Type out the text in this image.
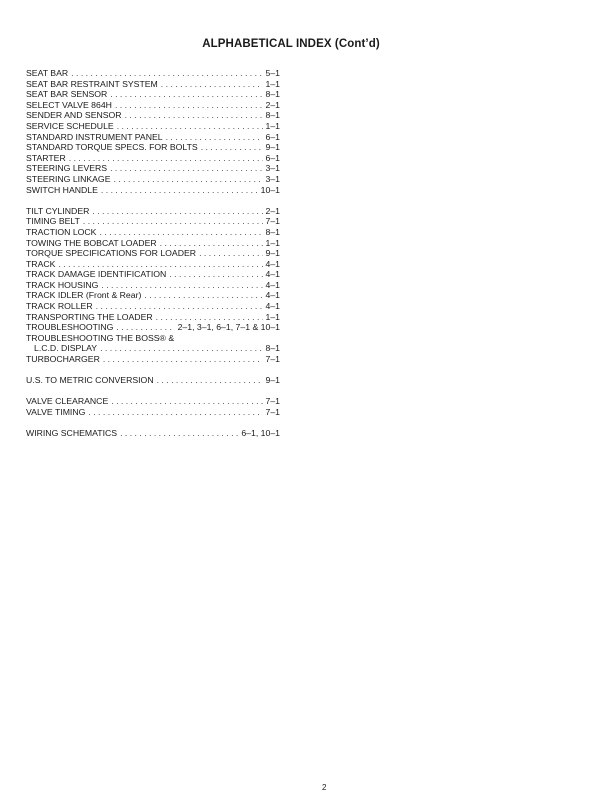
ALPHABETICAL INDEX (Cont’d)
SEAT BAR . . .	5–1
SEAT BAR RESTRAINT SYSTEM . . .	1–1
SEAT BAR SENSOR . . .	8–1
SELECT VALVE 864H . . .	2–1
SENDER AND SENSOR . . .	8–1
SERVICE SCHEDULE . . .	1–1
STANDARD INSTRUMENT PANEL . . .	6–1
STANDARD TORQUE SPECS. FOR BOLTS . . .	9–1
STARTER . . .	6–1
STEERING LEVERS . . .	3–1
STEERING LINKAGE . . .	3–1
SWITCH HANDLE . . .	10–1
TILT CYLINDER . . .	2–1
TIMING BELT . . .	7–1
TRACTION LOCK . . .	8–1
TOWING THE BOBCAT LOADER . . .	1–1
TORQUE SPECIFICATIONS FOR LOADER . . .	9–1
TRACK . . .	4–1
TRACK DAMAGE IDENTIFICATION . . .	4–1
TRACK HOUSING . . .	4–1
TRACK IDLER (Front & Rear) . . .	4–1
TRACK ROLLER . . .	4–1
TRANSPORTING THE LOADER . . .	1–1
TROUBLESHOOTING . . .	2–1, 3–1, 6–1, 7–1 & 10–1
TROUBLESHOOTING THE BOSS® &
L.C.D. DISPLAY . . .	8–1
TURBOCHARGER . . .	7–1
U.S. TO METRIC CONVERSION . . .	9–1
VALVE CLEARANCE . . .	7–1
VALVE TIMING . . .	7–1
WIRING SCHEMATICS . . .	6–1, 10–1
2
